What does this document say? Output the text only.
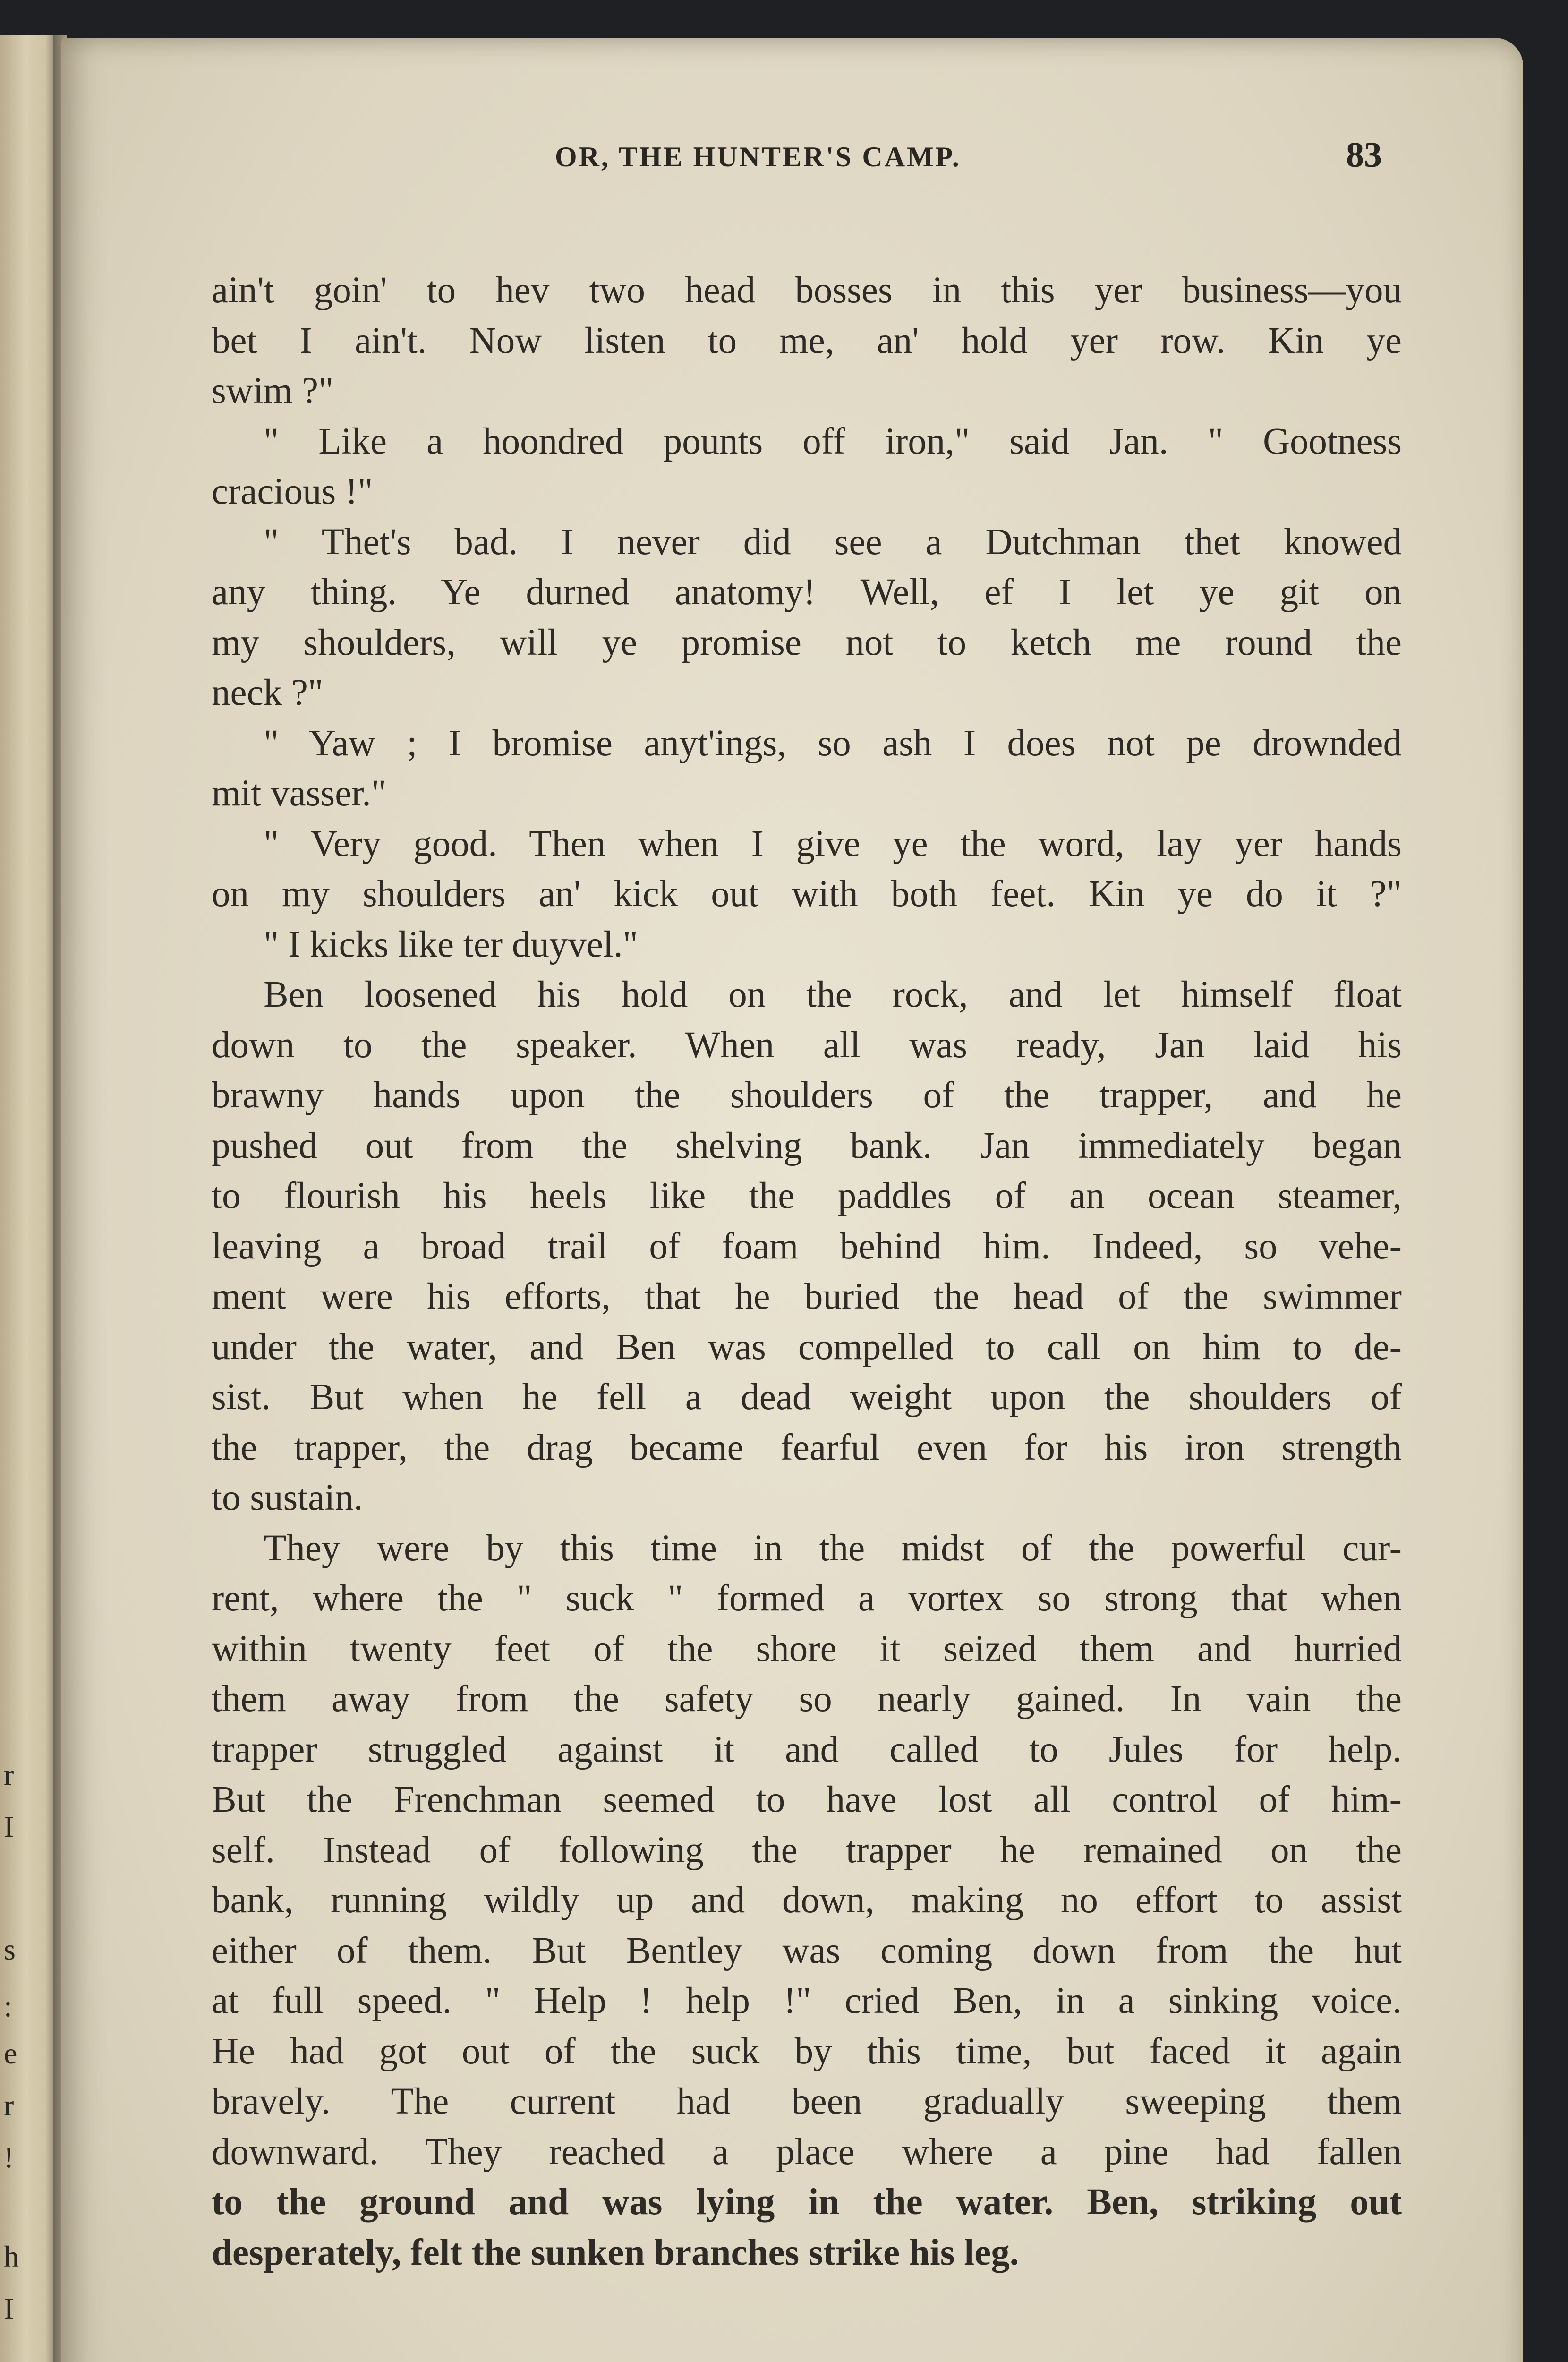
r
I
s
:
e
r
!
h
I
OR, THE HUNTER'S CAMP.	83
ain't goin' to hev two head bosses in this yer business—you
bet I ain't. Now listen to me, an' hold yer row. Kin ye
swim ?"
" Like a hoondred pounts off iron," said Jan. " Gootness
cracious !"
" Thet's bad. I never did see a Dutchman thet knowed
any thing. Ye durned anatomy! Well, ef I let ye git on
my shoulders, will ye promise not to ketch me round the
neck ?"
" Yaw ; I bromise anyt'ings, so ash I does not pe drownded
mit vasser."
" Very good. Then when I give ye the word, lay yer hands
on my shoulders an' kick out with both feet. Kin ye do it ?"
" I kicks like ter duyvel."
Ben loosened his hold on the rock, and let himself float
down to the speaker. When all was ready, Jan laid his
brawny hands upon the shoulders of the trapper, and he
pushed out from the shelving bank. Jan immediately began
to flourish his heels like the paddles of an ocean steamer,
leaving a broad trail of foam behind him. Indeed, so vehe-
ment were his efforts, that he buried the head of the swimmer
under the water, and Ben was compelled to call on him to de-
sist. But when he fell a dead weight upon the shoulders of
the trapper, the drag became fearful even for his iron strength
to sustain.
They were by this time in the midst of the powerful cur-
rent, where the " suck " formed a vortex so strong that when
within twenty feet of the shore it seized them and hurried
them away from the safety so nearly gained. In vain the
trapper struggled against it and called to Jules for help.
But the Frenchman seemed to have lost all control of him-
self. Instead of following the trapper he remained on the
bank, running wildly up and down, making no effort to assist
either of them. But Bentley was coming down from the hut
at full speed. " Help ! help !" cried Ben, in a sinking voice.
He had got out of the suck by this time, but faced it again
bravely. The current had been gradually sweeping them
downward. They reached a place where a pine had fallen
to the ground and was lying in the water. Ben, striking out
desperately, felt the sunken branches strike his leg.
